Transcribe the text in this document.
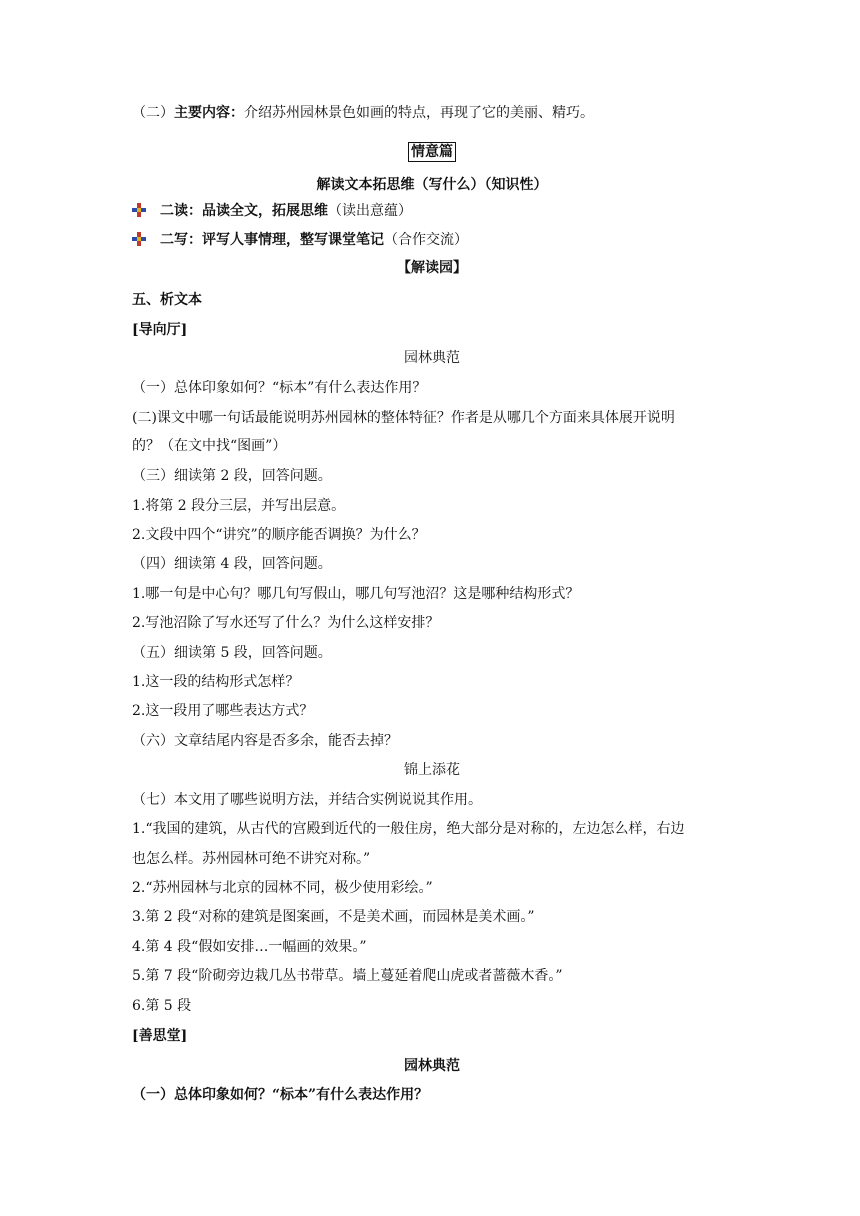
（二）主要内容：介绍苏州园林景色如画的特点，再现了它的美丽、精巧。
情意篇
解读文本拓思维（写什么）（知识性）
二读：品读全文，拓展思维（读出意蕴）
二写：评写人事情理，整写课堂笔记（合作交流）
【解读园】
五、析文本
[导向厅]
园林典范
（一）总体印象如何？“标本”有什么表达作用？
(二)课文中哪一句话最能说明苏州园林的整体特征？作者是从哪几个方面来具体展开说明
的？（在文中找“图画”）
（三）细读第 2 段，回答问题。
1.将第 2 段分三层，并写出层意。
2.文段中四个“讲究”的顺序能否调换？为什么？
（四）细读第 4 段，回答问题。
1.哪一句是中心句？哪几句写假山，哪几句写池沼？这是哪种结构形式？
2.写池沼除了写水还写了什么？为什么这样安排？
（五）细读第 5 段，回答问题。
1.这一段的结构形式怎样？
2.这一段用了哪些表达方式？
（六）文章结尾内容是否多余，能否去掉？
锦上添花
（七）本文用了哪些说明方法，并结合实例说说其作用。
1.“我国的建筑，从古代的宫殿到近代的一般住房，绝大部分是对称的，左边怎么样，右边
也怎么样。苏州园林可绝不讲究对称。”
2.“苏州园林与北京的园林不同，极少使用彩绘。”
3.第 2 段“对称的建筑是图案画，不是美术画，而园林是美术画。”
4.第 4 段“假如安排…一幅画的效果。”
5.第 7 段“阶砌旁边栽几丛书带草。墙上蔓延着爬山虎或者蔷薇木香。”
6.第 5 段
[善思堂]
园林典范
（一）总体印象如何？“标本”有什么表达作用？
